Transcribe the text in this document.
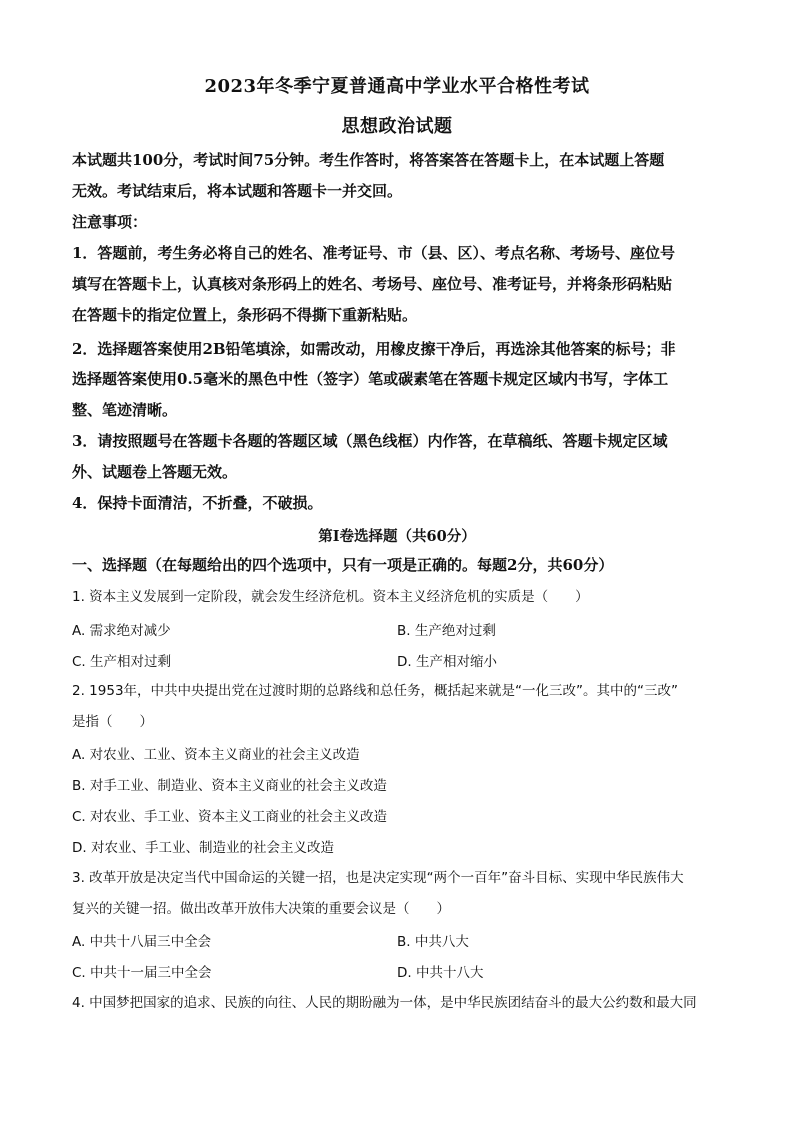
2023年冬季宁夏普通高中学业水平合格性考试
思想政治试题
本试题共100分，考试时间75分钟。考生作答时，将答案答在答题卡上，在本试题上答题
无效。考试结束后，将本试题和答题卡一并交回。
注意事项：
1．答题前，考生务必将自己的姓名、准考证号、市（县、区）、考点名称、考场号、座位号
填写在答题卡上，认真核对条形码上的姓名、考场号、座位号、准考证号，并将条形码粘贴
在答题卡的指定位置上，条形码不得撕下重新粘贴。
2．选择题答案使用2B铅笔填涂，如需改动，用橡皮擦干净后，再选涂其他答案的标号；非
选择题答案使用0.5毫米的黑色中性（签字）笔或碳素笔在答题卡规定区域内书写，字体工
整、笔迹清晰。
3．请按照题号在答题卡各题的答题区域（黑色线框）内作答，在草稿纸、答题卡规定区域
外、试题卷上答题无效。
4．保持卡面清洁，不折叠，不破损。
第Ⅰ卷选择题（共60分）
一、选择题（在每题给出的四个选项中，只有一项是正确的。每题2分，共60分）
1. 资本主义发展到一定阶段，就会发生经济危机。资本主义经济危机的实质是（　　）
A. 需求绝对减少	B. 生产绝对过剩
C. 生产相对过剩	D. 生产相对缩小
2. 1953年，中共中央提出党在过渡时期的总路线和总任务，概括起来就是“一化三改”。其中的“三改”
是指（　　）
A. 对农业、工业、资本主义商业的社会主义改造
B. 对手工业、制造业、资本主义商业的社会主义改造
C. 对农业、手工业、资本主义工商业的社会主义改造
D. 对农业、手工业、制造业的社会主义改造
3. 改革开放是决定当代中国命运的关键一招，也是决定实现“两个一百年”奋斗目标、实现中华民族伟大
复兴的关键一招。做出改革开放伟大决策的重要会议是（　　）
A. 中共十八届三中全会	B. 中共八大
C. 中共十一届三中全会	D. 中共十八大
4. 中国梦把国家的追求、民族的向往、人民的期盼融为一体，是中华民族团结奋斗的最大公约数和最大同
